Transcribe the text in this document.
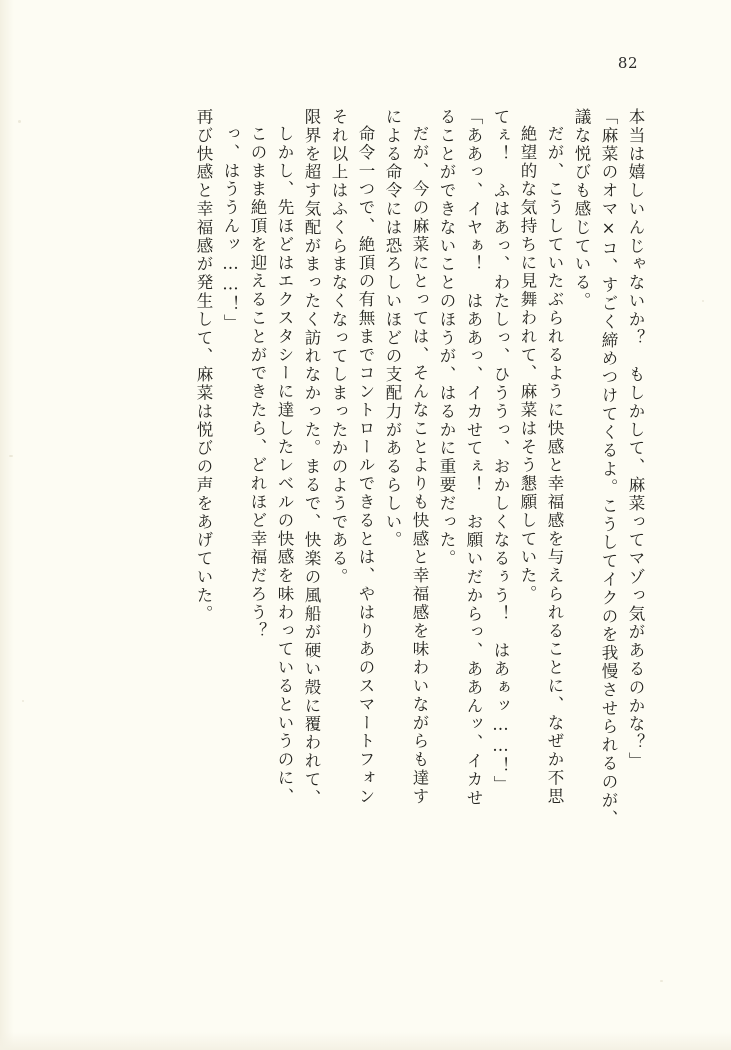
82
再び快感と幸福感が発生して、麻菜は悦びの声をあげていた。 っ、はううんッ……！」 このまま絶頂を迎えることができたら、どれほど幸福だろう？ しかし、先ほどはエクスタシーに達したレベルの快感を味わっているというのに、 限界を超す気配がまったく訪れなかった。まるで、快楽の風船が硬い殻に覆われて、 それ以上はふくらまなくなってしまったかのようである。 命令一つで、絶頂の有無までコントロールできるとは、やはりあのスマートフォン による命令には恐ろしいほどの支配力があるらしい。 だが、今の麻菜にとっては、そんなことよりも快感と幸福感を味わいながらも達す ることができないことのほうが、はるかに重要だった。 「ああっ、イヤぁ！　はああっ、イカせてぇ！　お願いだからっ、ああんッ、イカせ てぇ！　ふはあっ、わたしっ、ひううっ、おかしくなるぅう！　はあぁッ……！」 絶望的な気持ちに見舞われて、麻菜はそう懇願していた。 だが、こうしていたぶられるように快感と幸福感を与えられることに、なぜか不思 議な悦びも感じている。 「麻菜のオマ×コ、すごく締めつけてくるよ。こうしてイクのを我慢させられるのが、 本当は嬉しいんじゃないか？　もしかして、麻菜ってマゾっ気があるのかな？」
